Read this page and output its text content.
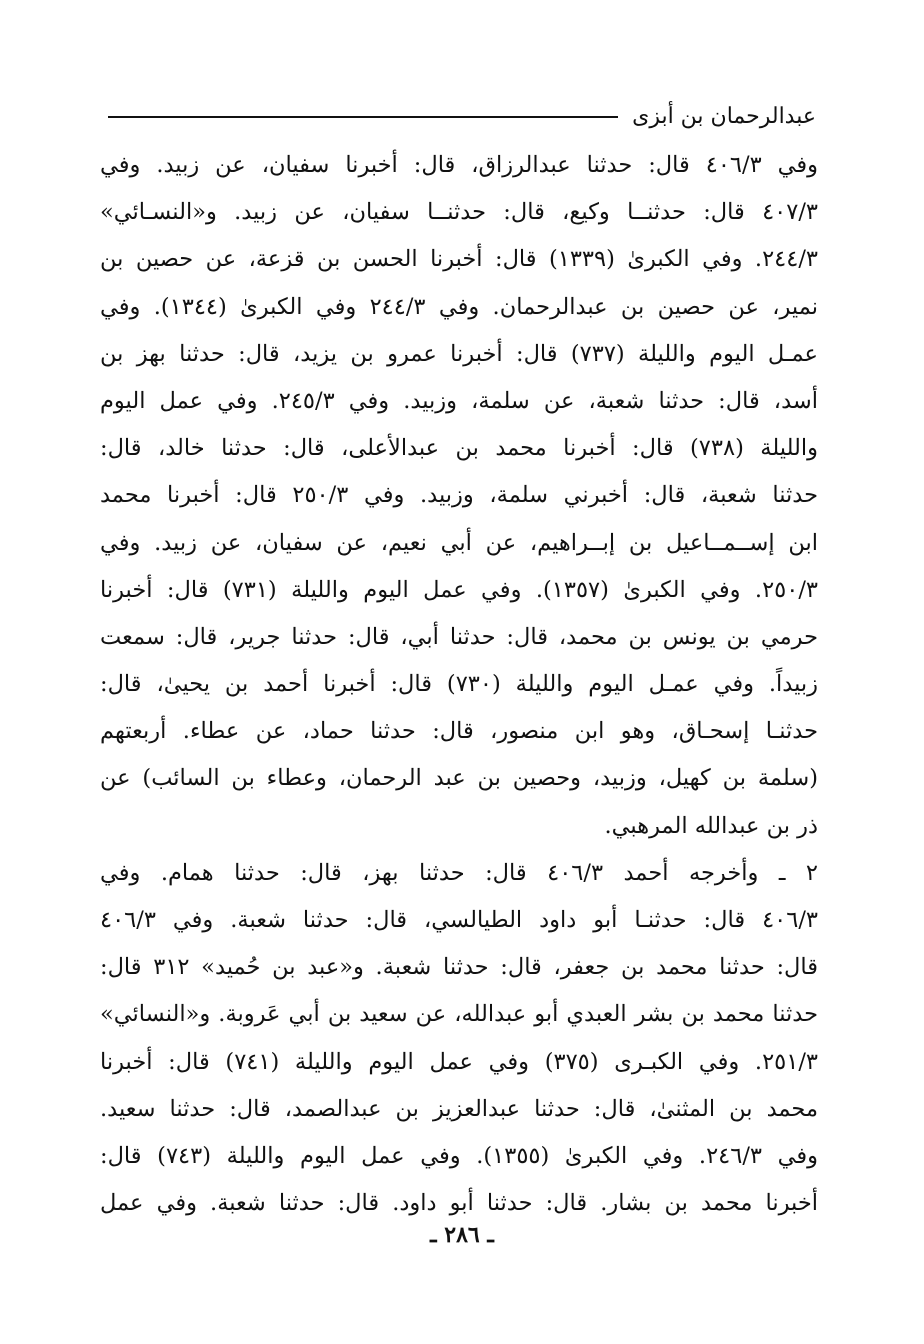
عبدالرحمان بن أبزى
وفي ٤٠٦/٣ قال: حدثنا عبدالرزاق، قال: أخبرنا سفيان، عن زبيد. وفي
٤٠٧/٣ قال: حدثنــا وكيع، قال: حدثنــا سفيان، عن زبيد. و«النسـائي»
٢٤٤/٣. وفي الكبرىٰ (١٣٣٩) قال: أخبرنا الحسن بن قزعة، عن حصين بن
نمير، عن حصين بن عبدالرحمان. وفي ٢٤٤/٣ وفي الكبرىٰ (١٣٤٤). وفي
عمـل اليوم والليلة (٧٣٧) قال: أخبرنا عمرو بن يزيد، قال: حدثنا بهز بن
أسد، قال: حدثنا شعبة، عن سلمة، وزبيد. وفي ٢٤٥/٣. وفي عمل اليوم
والليلة (٧٣٨) قال: أخبرنا محمد بن عبدالأعلى، قال: حدثنا خالد، قال:
حدثنا شعبة، قال: أخبرني سلمة، وزبيد. وفي ٢٥٠/٣ قال: أخبرنا محمد
ابن إســمــاعيل بن إبــراهيم، عن أبي نعيم، عن سفيان، عن زبيد. وفي
٢٥٠/٣. وفي الكبرىٰ (١٣٥٧). وفي عمل اليوم والليلة (٧٣١) قال: أخبرنا
حرمي بن يونس بن محمد، قال: حدثنا أبي، قال: حدثنا جرير، قال: سمعت
زبيداً. وفي عمـل اليوم والليلة (٧٣٠) قال: أخبرنا أحمد بن يحيىٰ، قال:
حدثنـا إسحـاق، وهو ابن منصور، قال: حدثنا حماد، عن عطاء. أربعتهم
(سلمة بن كهيل، وزبيد، وحصين بن عبد الرحمان، وعطاء بن السائب) عن
ذر بن عبدالله المرهبي.
٢ ـ وأخرجه أحمد ٤٠٦/٣ قال: حدثنا بهز، قال: حدثنا همام. وفي
٤٠٦/٣ قال: حدثنـا أبو داود الطيالسي، قال: حدثنا شعبة. وفي ٤٠٦/٣
قال: حدثنا محمد بن جعفر، قال: حدثنا شعبة. و«عبد بن حُميد» ٣١٢ قال:
حدثنا محمد بن بشر العبدي أبو عبدالله، عن سعيد بن أبي عَروبة. و«النسائي»
٢٥١/٣. وفي الكبـرى (٣٧٥) وفي عمل اليوم والليلة (٧٤١) قال: أخبرنا
محمد بن المثنىٰ، قال: حدثنا عبدالعزيز بن عبدالصمد، قال: حدثنا سعيد.
وفي ٢٤٦/٣. وفي الكبرىٰ (١٣٥٥). وفي عمل اليوم والليلة (٧٤٣) قال:
أخبرنا محمد بن بشار. قال: حدثنا أبو داود. قال: حدثنا شعبة. وفي عمل
ـ ٢٨٦ ـ
